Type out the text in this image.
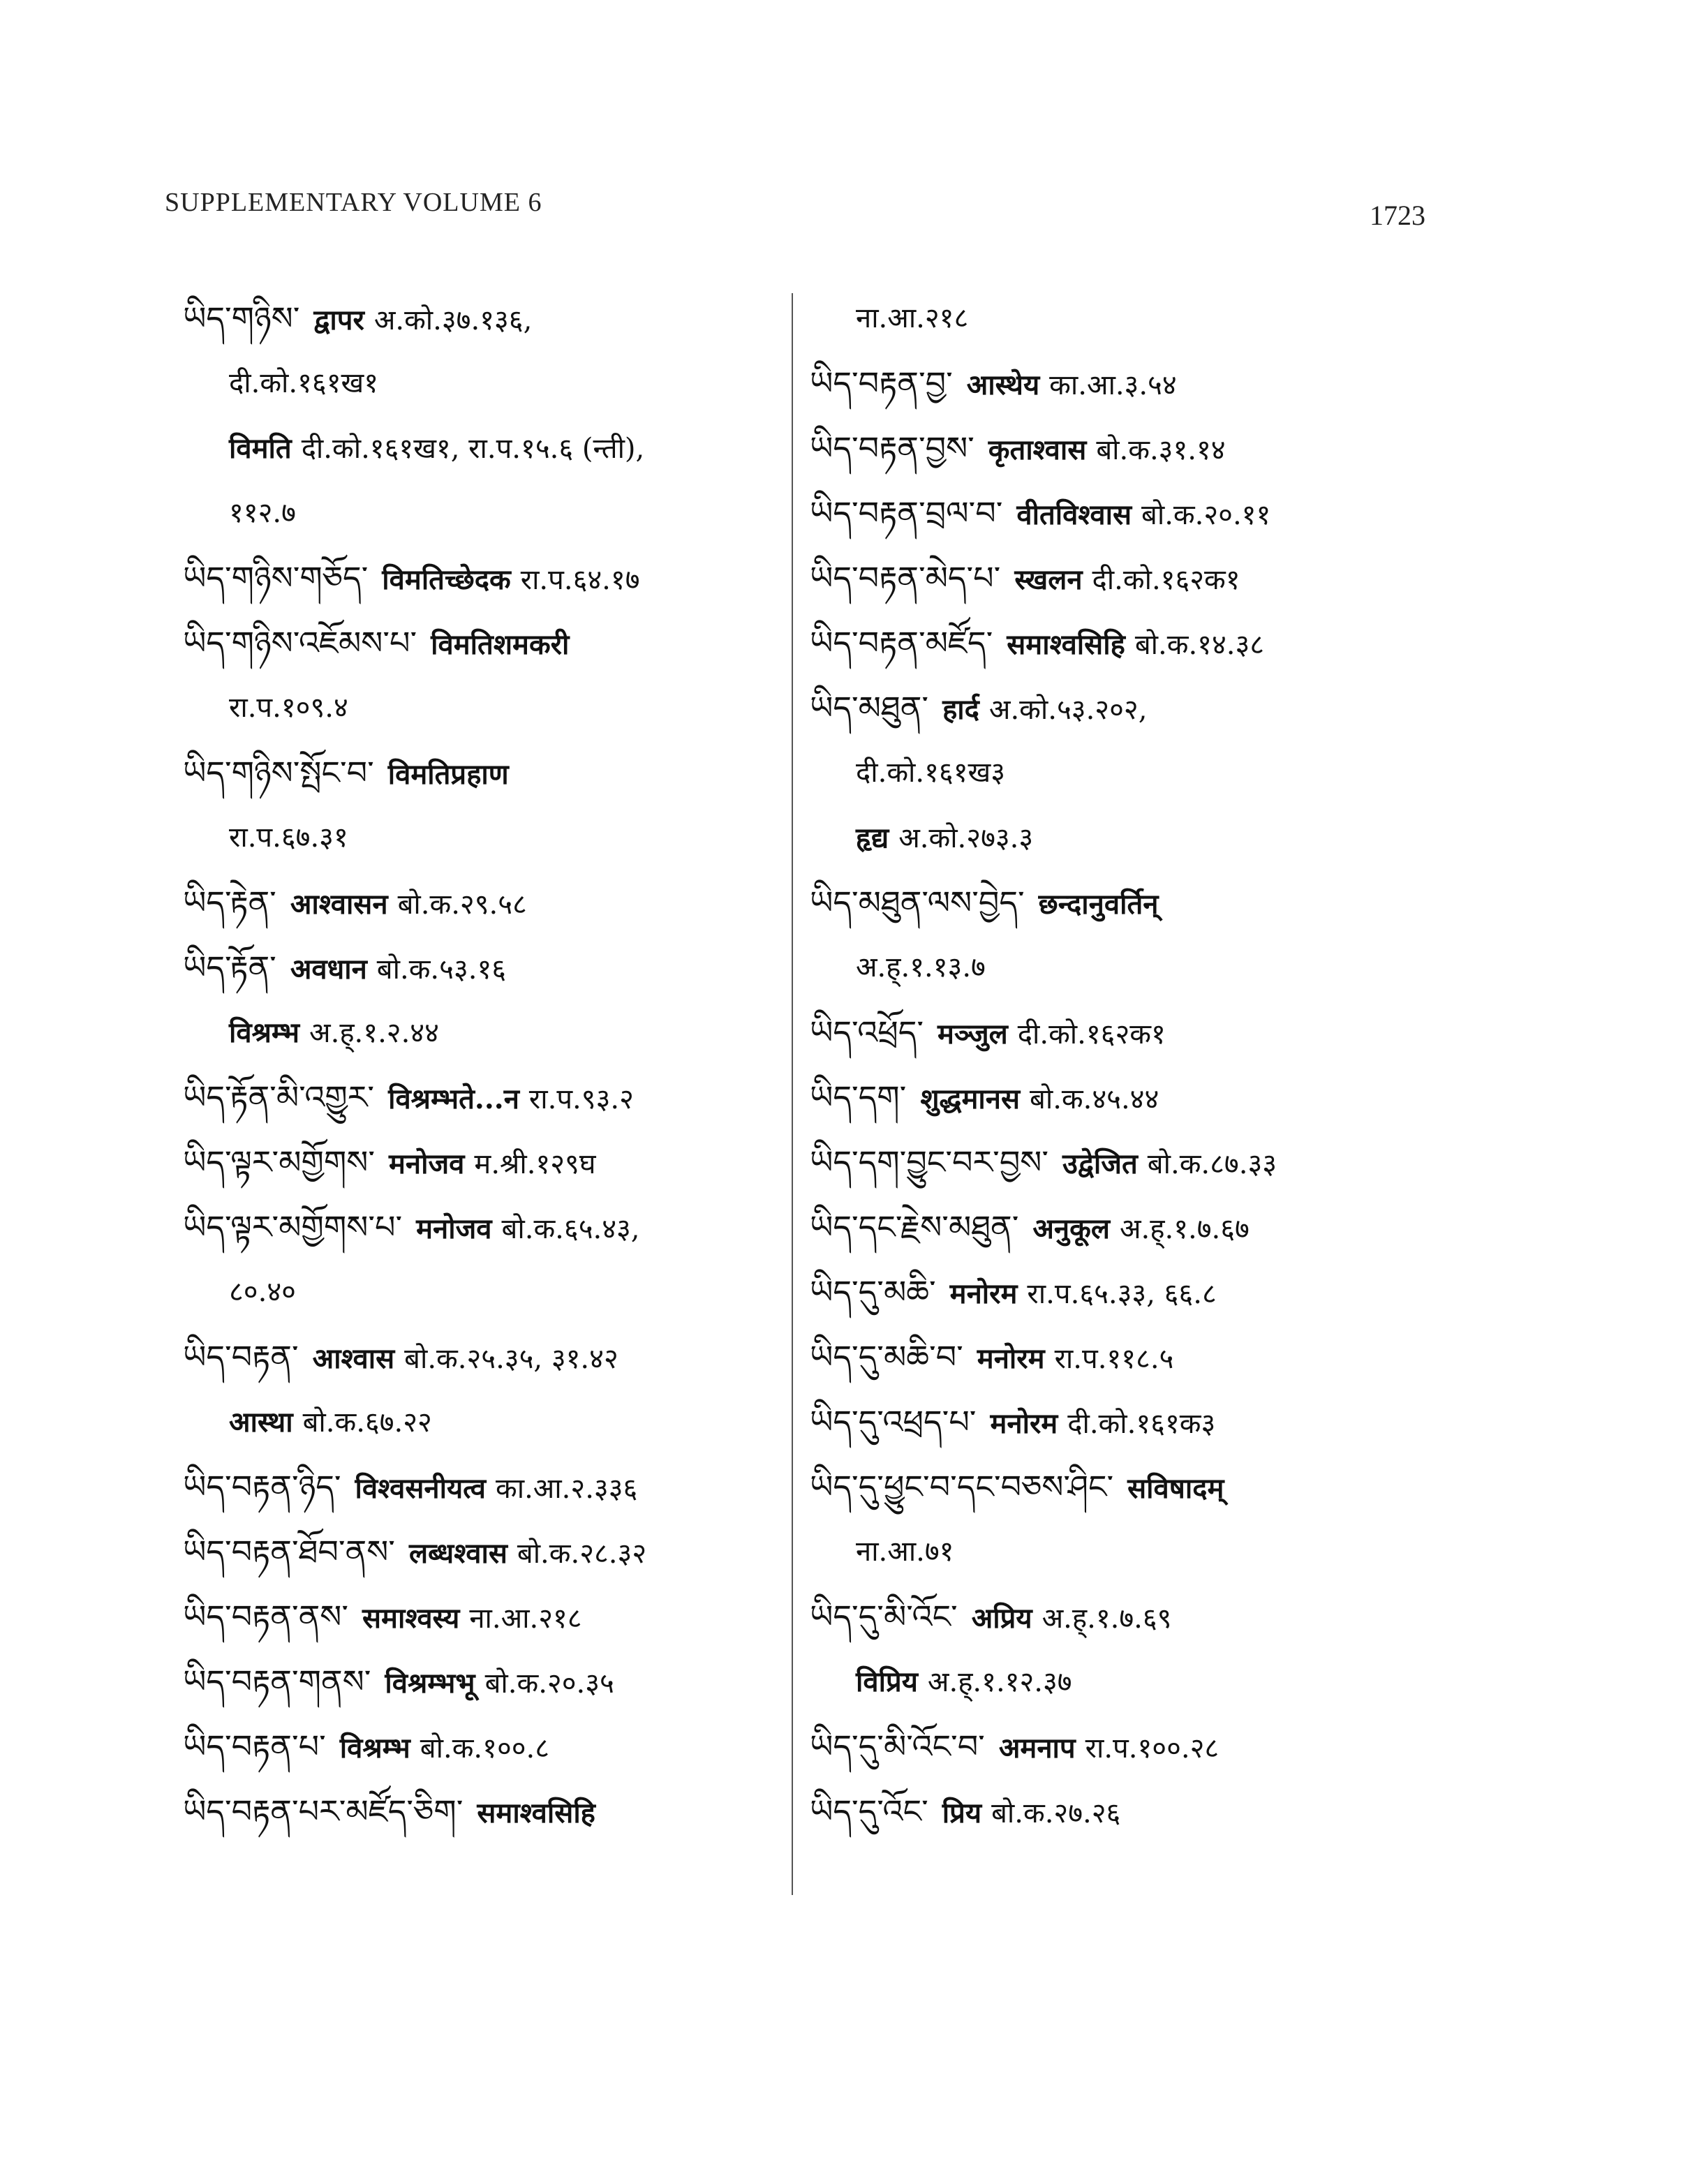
SUPPLEMENTARY VOLUME 6	1723
ཡིད་གཉིས་ द्वापर अ.को.३७.१३६,
दी.को.१६१ख१
विमति दी.को.१६१ख१, रा.प.१५.६ (न्ती),
११२.७
ཡིད་གཉིས་གཅོད་ विमतिच्छेदक रा.प.६४.१७
ཡིད་གཉིས་འཇོམས་པ་ विमतिशमकरी
रा.प.१०९.४
ཡིད་གཉིས་སྤོང་བ་ विमतिप्रहाण
रा.प.६७.३१
ཡིད་རྟེན་ आश्वासन बो.क.२९.५८
ཡིད་རྟོན་ अवधान बो.क.५३.१६
विश्रम्भ अ.ह्.१.२.४४
ཡིད་རྟོན་མི་འགྱུར་ विश्रम्भते...न रा.प.९३.२
ཡིད་ལྟར་མགྱོགས་ मनोजव म.श्री.१२९घ
ཡིད་ལྟར་མགྱོགས་པ་ मनोजव बो.क.६५.४३,
८०.४०
ཡིད་བརྟན་ आश्वास बो.क.२५.३५, ३१.४२
आस्था बो.क.६७.२२
ཡིད་བརྟན་ཉིད་ विश्वसनीयत्व का.आ.२.३३६
ཡིད་བརྟན་ཐོབ་ནས་ लब्धश्वास बो.क.२८.३२
ཡིད་བརྟན་ནས་ समाश्वस्य ना.आ.२१८
ཡིད་བརྟན་གནས་ विश्रम्भभू बो.क.२०.३५
ཡིད་བརྟན་པ་ विश्रम्भ बो.क.१००.८
ཡིད་བརྟན་པར་མཛོད་ཅིག་ समाश्वसिहि
ना.आ.२१८
ཡིད་བརྟན་བྱ་ आस्थेय का.आ.३.५४
ཡིད་བརྟན་བྱས་ कृताश्वास बो.क.३१.१४
ཡིད་བརྟན་བྲལ་བ་ वीतविश्वास बो.क.२०.११
ཡིད་བརྟན་མེད་པ་ स्खलन दी.को.१६२क१
ཡིད་བརྟན་མཛོད་ समाश्वसिहि बो.क.१४.३८
ཡིད་མཐུན་ हार्द अ.को.५३.२०२,
दी.को.१६१ख३
हृद्य अ.को.२७३.३
ཡིད་མཐུན་ལས་བྱེད་ छन्दानुवर्तिन्
अ.ह्.१.१३.७
ཡིད་འཕྲོད་ मञ्जुल दी.को.१६२क१
ཡིད་དག་ शुद्धमानस बो.क.४५.४४
ཡིད་དག་བྱུང་བར་བྱས་ उद्वेजित बो.क.८७.३३
ཡིད་དང་རྗེས་མཐུན་ अनुकूल अ.ह्.१.७.६७
ཡིད་དུ་མཆི་ मनोरम रा.प.६५.३३, ६६.८
ཡིད་དུ་མཆི་བ་ मनोरम रा.प.११८.५
ཡིད་དུ་འཕྲད་པ་ मनोरम दी.को.१६१क३
ཡིད་དུ་ཕྱུང་བ་དང་བཅས་ཤིང་ सविषादम्
ना.आ.७१
ཡིད་དུ་མི་འོང་ अप्रिय अ.ह्.१.७.६९
विप्रिय अ.ह्.१.१२.३७
ཡིད་དུ་མི་འོང་བ་ अमनाप रा.प.१००.२८
ཡིད་དུ་འོང་ प्रिय बो.क.२७.२६
